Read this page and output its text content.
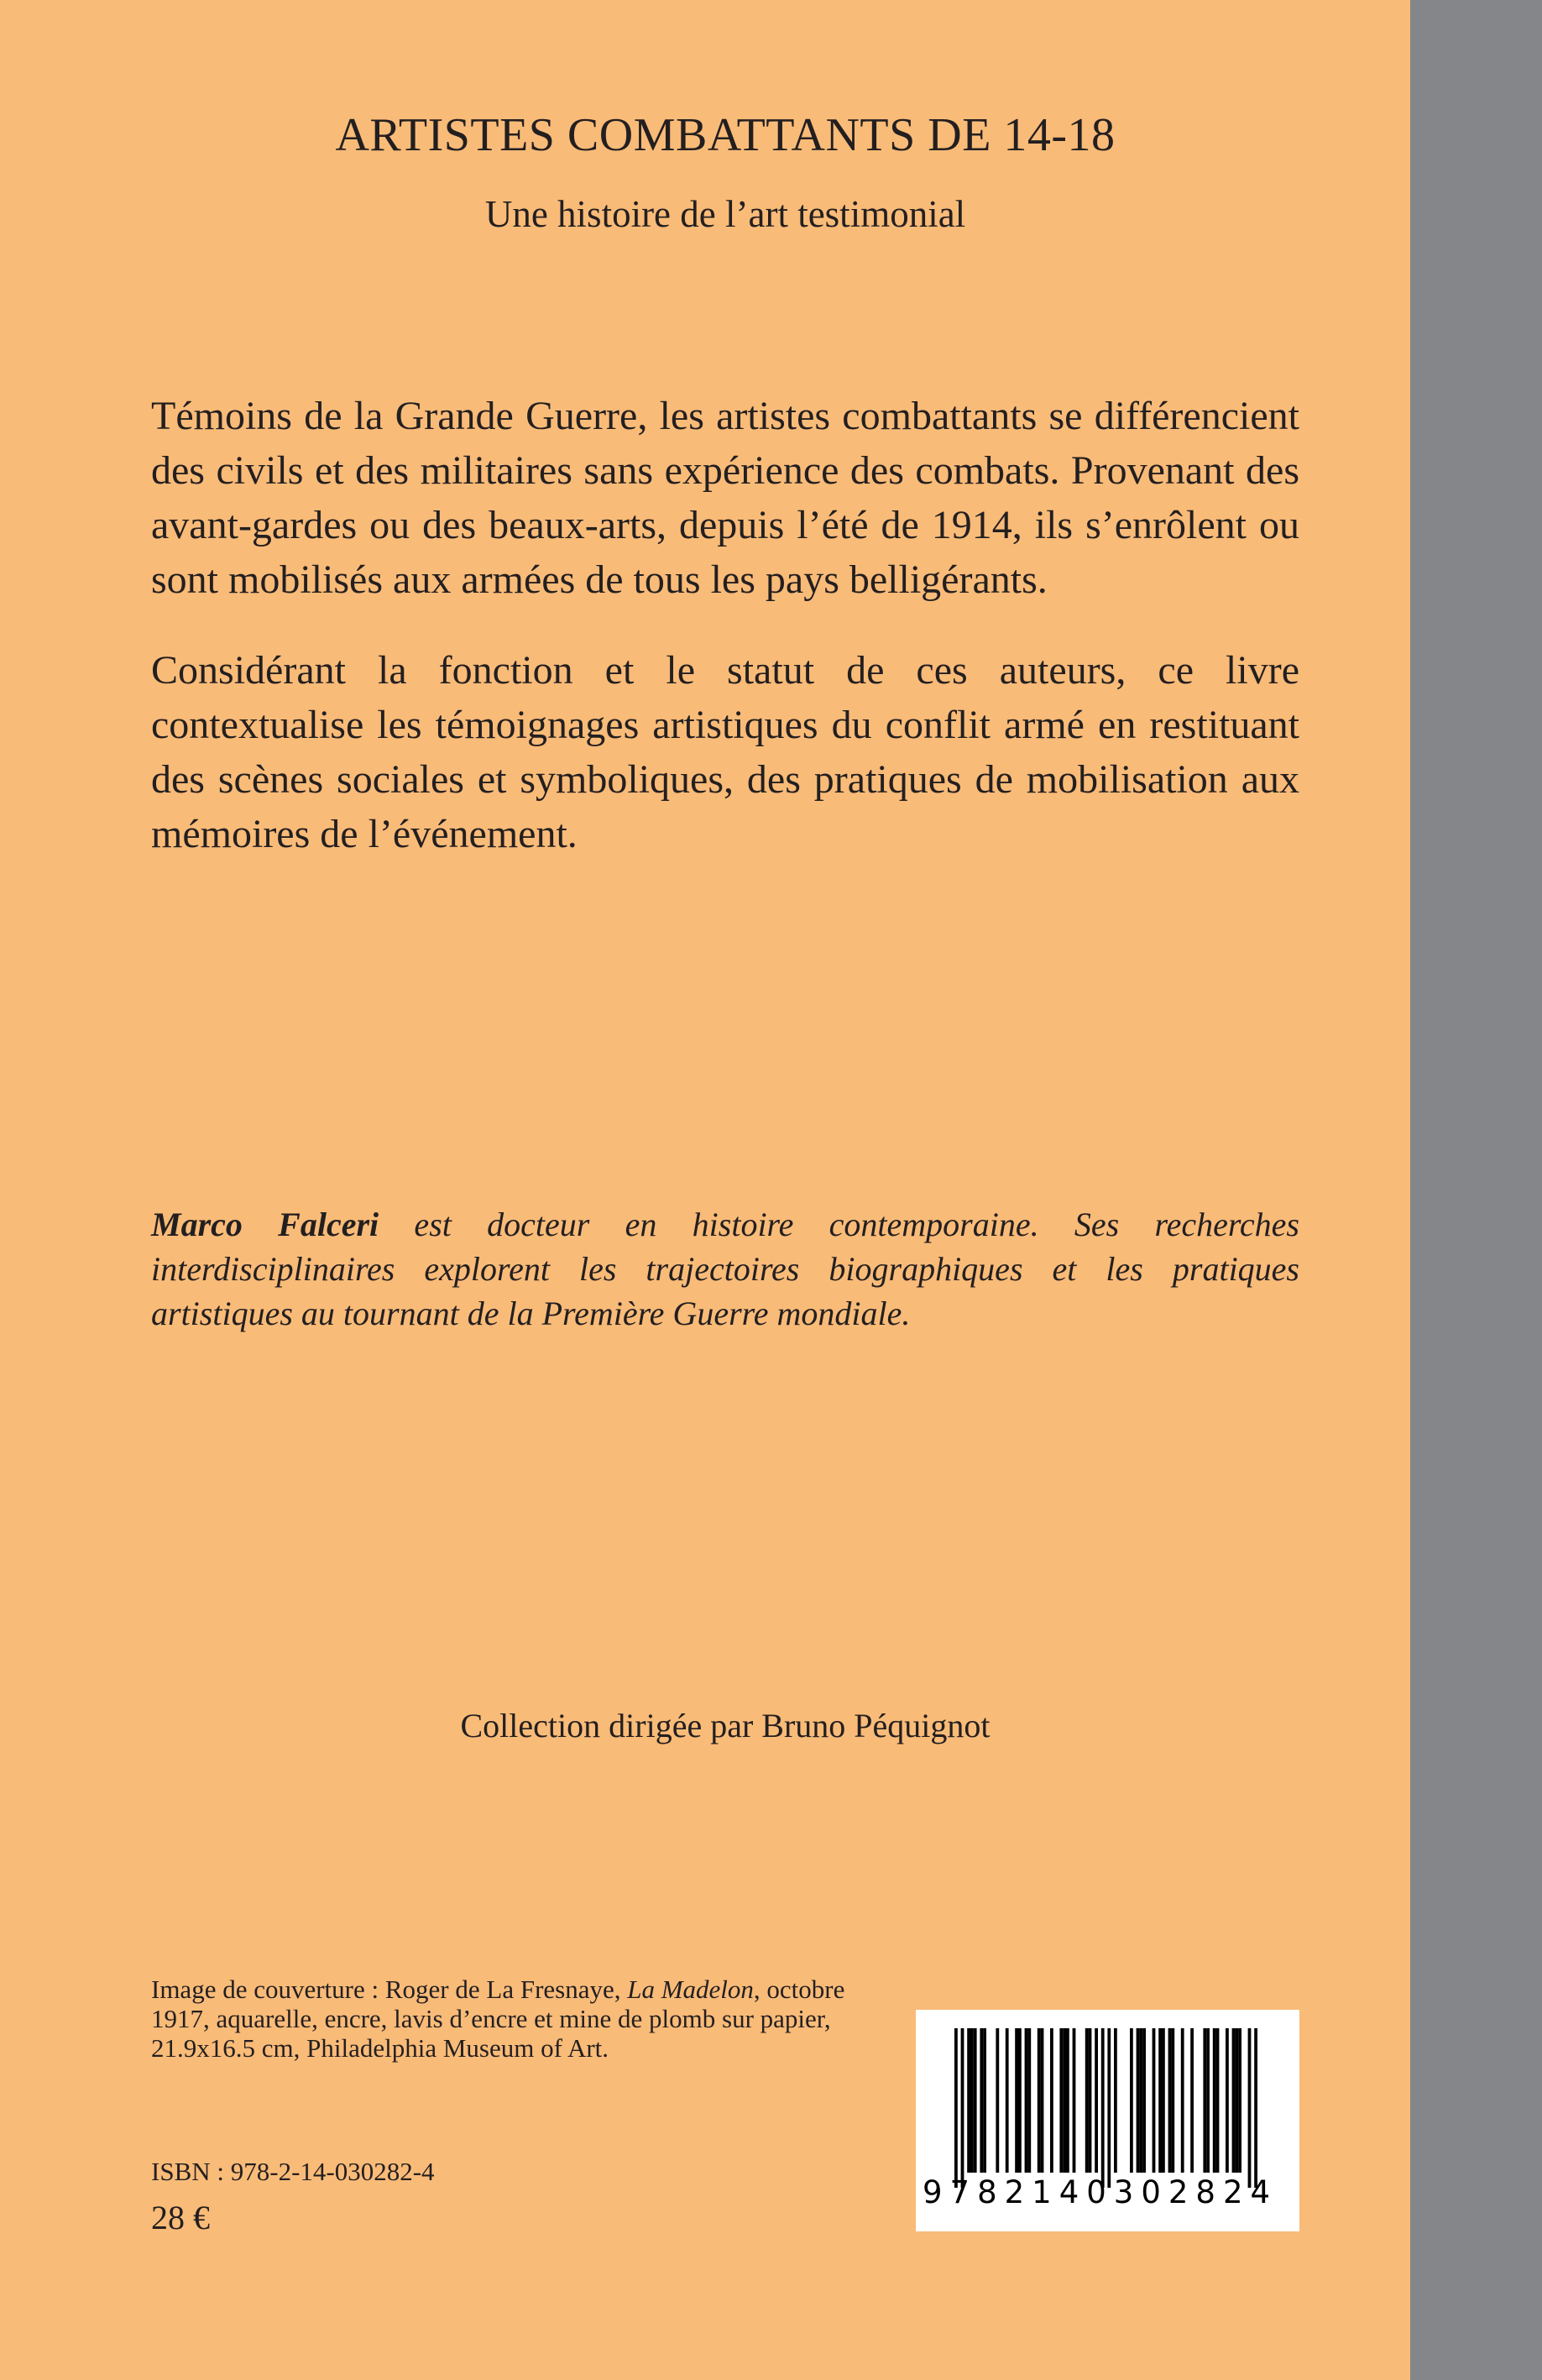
ARTISTES COMBATTANTS DE 14-18
Une histoire de l’art testimonial

Témoins de la Grande Guerre, les artistes combattants se différencient des civils et des militaires sans expérience des combats. Provenant des avant-gardes ou des beaux-arts, depuis l’été de 1914, ils s’enrôlent ou sont mobilisés aux armées de tous les pays belligérants.

Considérant la fonction et le statut de ces auteurs, ce livre contextualise les témoignages artistiques du conflit armé en restituant des scènes sociales et symboliques, des pratiques de mobilisation aux mémoires de l’événement.

Marco Falceri est docteur en histoire contemporaine. Ses recherches interdisciplinaires explorent les trajectoires biographiques et les pratiques artistiques au tournant de la Première Guerre mondiale.

Collection dirigée par Bruno Péquignot

Image de couverture : Roger de La Fresnaye, La Madelon, octobre 1917, aquarelle, encre, lavis d’encre et mine de plomb sur papier, 21.9x16.5 cm, Philadelphia Museum of Art.

ISBN : 978-2-14-030282-4
28 €
9782140302824
